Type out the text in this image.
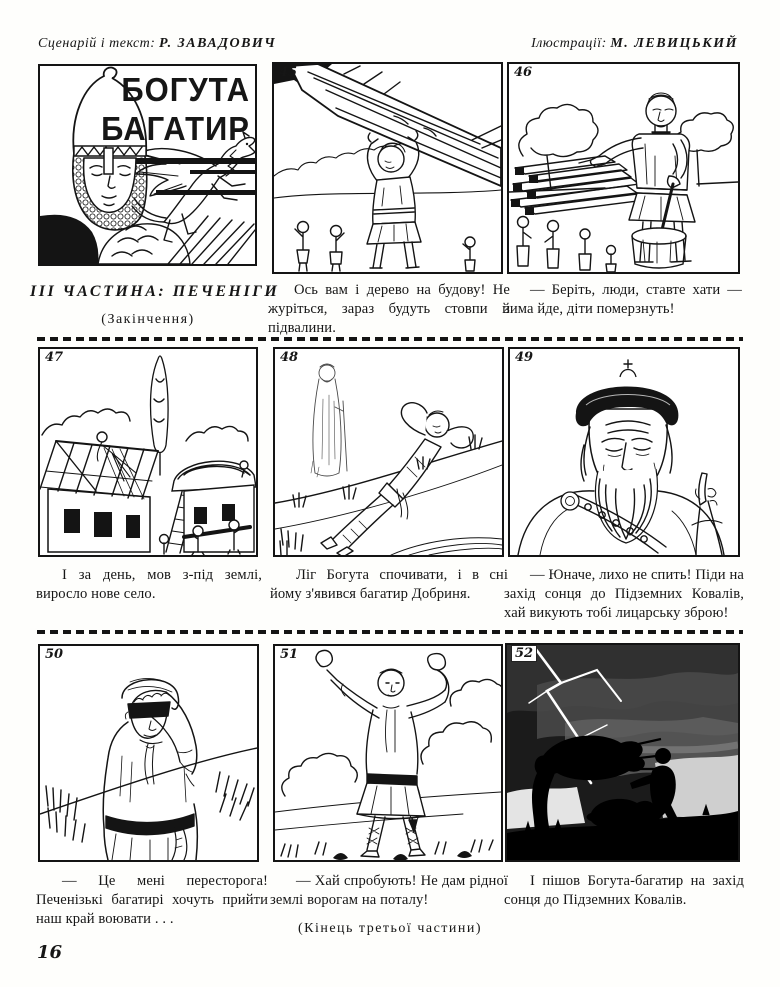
Сценарій і текст: Р. ЗАВАДОВИЧ	Ілюстрації: М. ЛЕВИЦЬКИЙ
БОГУТА
БАГАТИР
45	46
ІІІ ЧАСТИНА: ПЕЧЕНІГИ
(Закінчення)
Ось вам і дерево на будову! Не журіться, зараз будуть стовпи й підвалини.
— Беріть, люди, ставте хати — зима йде, діти померзнуть!
47	48	49
І за день, мов з-під землі, виросло нове село.
Ліг Богута спочивати, і в сні йому з'явився багатир Добриня.
— Юначе, лихо не спить! Піди на захід сонця до Підземних Ковалів, хай викують тобі лицарську зброю!
50	51	52
— Це мені пересторога! Печенізькі багатирі хочуть прийти наш край воювати . . .
— Хай спробують! Не дам рідної землі ворогам на поталу!
І пішов Богута-багатир на захід сонця до Підземних Ковалів.
(Кінець третьої частини)
16
